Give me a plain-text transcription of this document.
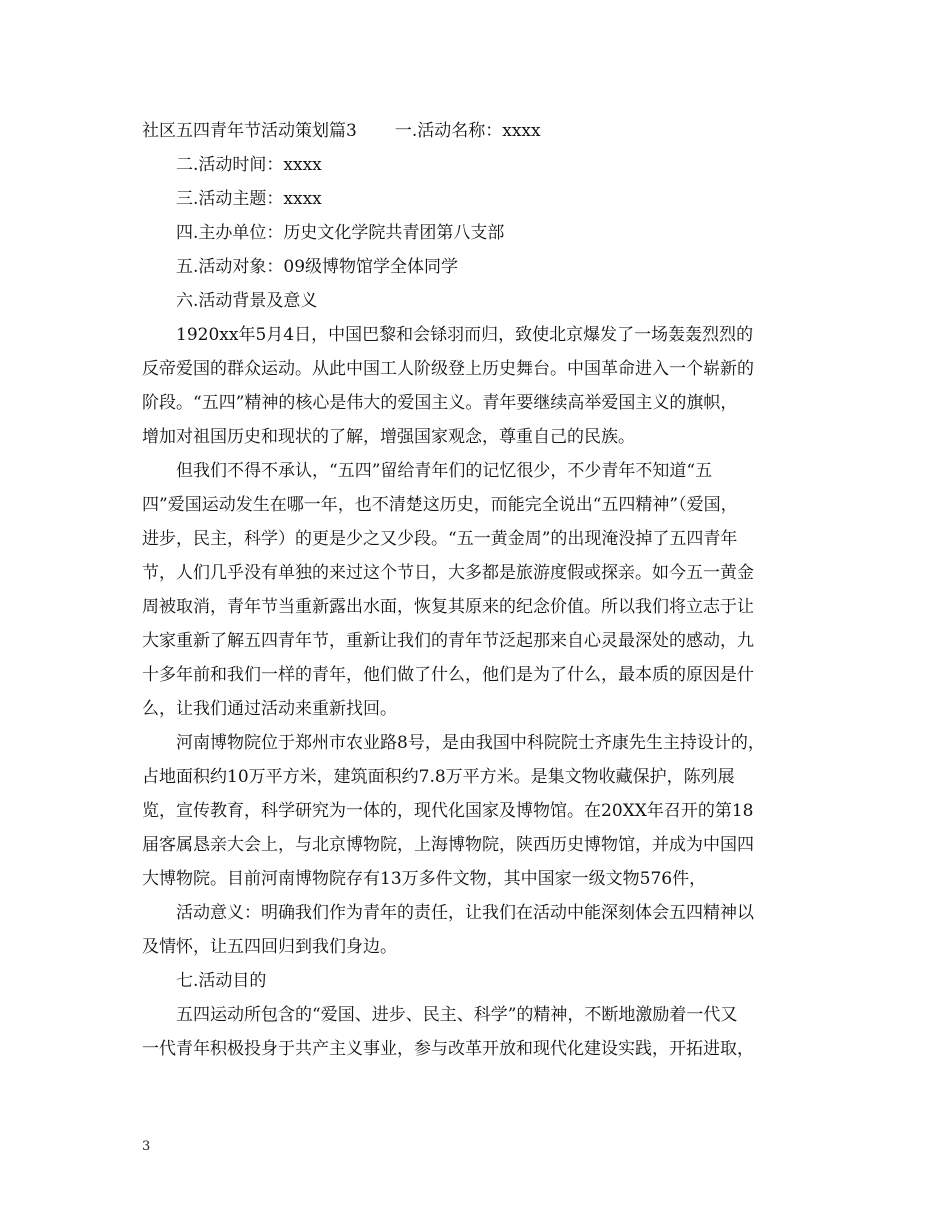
社区五四青年节活动策划篇3 一.活动名称：xxxx
二.活动时间：xxxx
三.活动主题：xxxx
四.主办单位：历史文化学院共青团第八支部
五.活动对象：09级博物馆学全体同学
六.活动背景及意义
1920xx年5月4日，中国巴黎和会铩羽而归，致使北京爆发了一场轰轰烈烈的
反帝爱国的群众运动。从此中国工人阶级登上历史舞台。中国革命进入一个崭新的
阶段。“五四”精神的核心是伟大的爱国主义。青年要继续高举爱国主义的旗帜，
增加对祖国历史和现状的了解，增强国家观念，尊重自己的民族。
但我们不得不承认，“五四”留给青年们的记忆很少，不少青年不知道“五
四”爱国运动发生在哪一年，也不清楚这历史，而能完全说出“五四精神”（爱国，
进步，民主，科学）的更是少之又少段。“五一黄金周”的出现淹没掉了五四青年
节，人们几乎没有单独的来过这个节日，大多都是旅游度假或探亲。如今五一黄金
周被取消，青年节当重新露出水面，恢复其原来的纪念价值。所以我们将立志于让
大家重新了解五四青年节，重新让我们的青年节泛起那来自心灵最深处的感动，九
十多年前和我们一样的青年，他们做了什么，他们是为了什么，最本质的原因是什
么，让我们通过活动来重新找回。
河南博物院位于郑州市农业路8号，是由我国中科院院士齐康先生主持设计的，
占地面积约10万平方米，建筑面积约7.8万平方米。是集文物收藏保护，陈列展
览，宣传教育，科学研究为一体的，现代化国家及博物馆。在20XX年召开的第18
届客属恳亲大会上，与北京博物院，上海博物院，陕西历史博物馆，并成为中国四
大博物院。目前河南博物院存有13万多件文物，其中国家一级文物576件，
活动意义：明确我们作为青年的责任，让我们在活动中能深刻体会五四精神以
及情怀，让五四回归到我们身边。
七.活动目的
五四运动所包含的“爱国、进步、民主、科学”的精神，不断地激励着一代又
一代青年积极投身于共产主义事业，参与改革开放和现代化建设实践，开拓进取，
3
